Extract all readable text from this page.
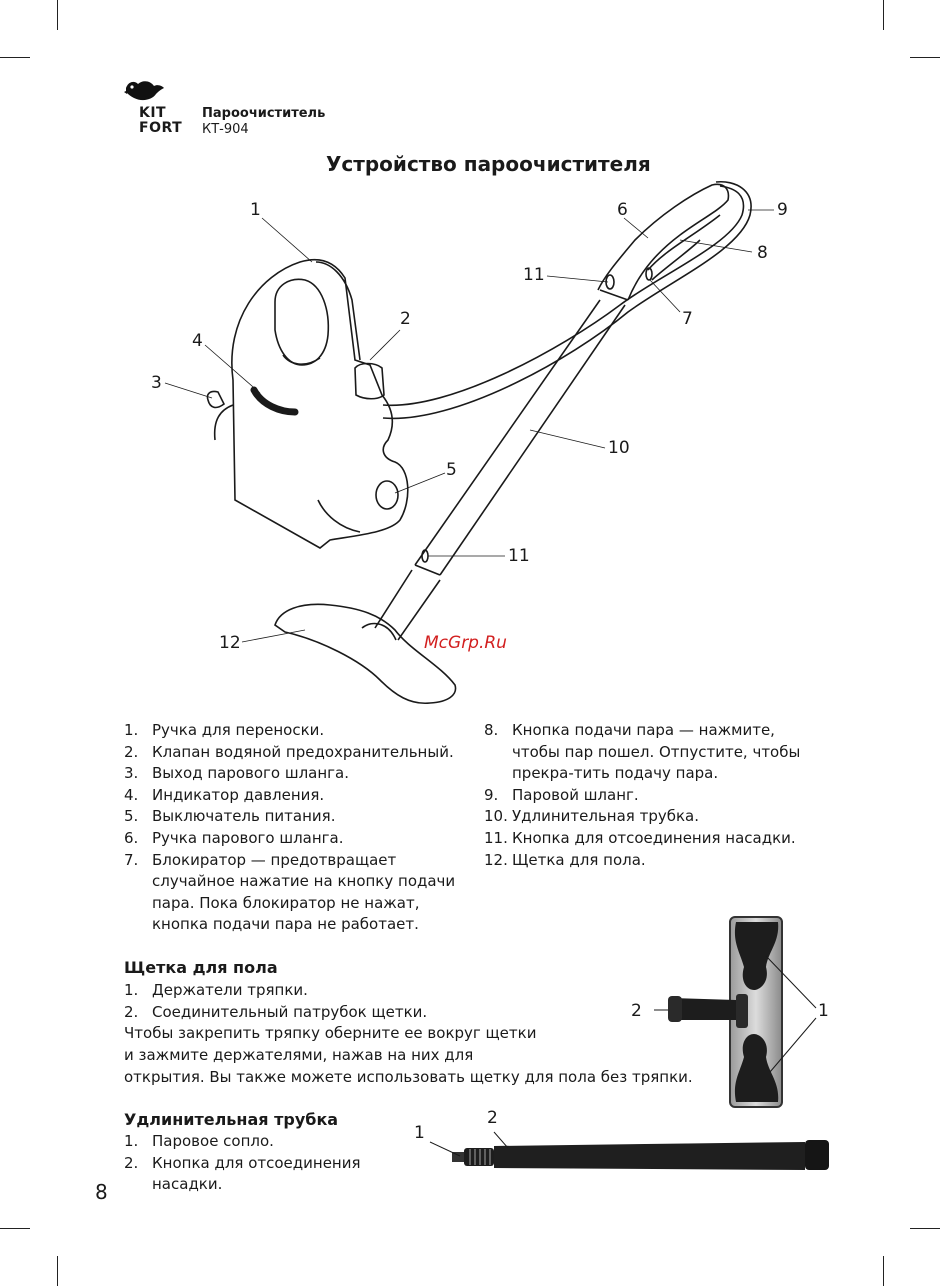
KIT
FORT
Пароочиститель
КТ-904
Устройство пароочистителя
1
2
3
4
5
6
7
8
9
10
11
11
12	McGrp.Ru
1. Ручка для переноски.
2. Клапан водяной предохранительный.
3. Выход парового шланга.
4. Индикатор давления.
5. Выключатель питания.
6. Ручка парового шланга.
7. Блокиратор — предотвращает случайное нажатие на кнопку подачи пара. Пока блокиратор не нажат, кнопка подачи пара не работает.
8. Кнопка подачи пара — нажмите, чтобы пар пошел. Отпустите, чтобы прекра-тить подачу пара.
9. Паровой шланг.
10. Удлинительная трубка.
11. Кнопка для отсоединения насадки.
12. Щетка для пола.
Щетка для пола
1. Держатели тряпки.
2. Соединительный патрубок щетки.
Чтобы закрепить тряпку оберните ее вокруг щетки
и зажмите держателями, нажав на них для
открытия. Вы также можете использовать щетку для пола без тряпки.
2	1
Удлинительная трубка
1. Паровое сопло.
2. Кнопка для отсоединения насадки.
1
2
8
